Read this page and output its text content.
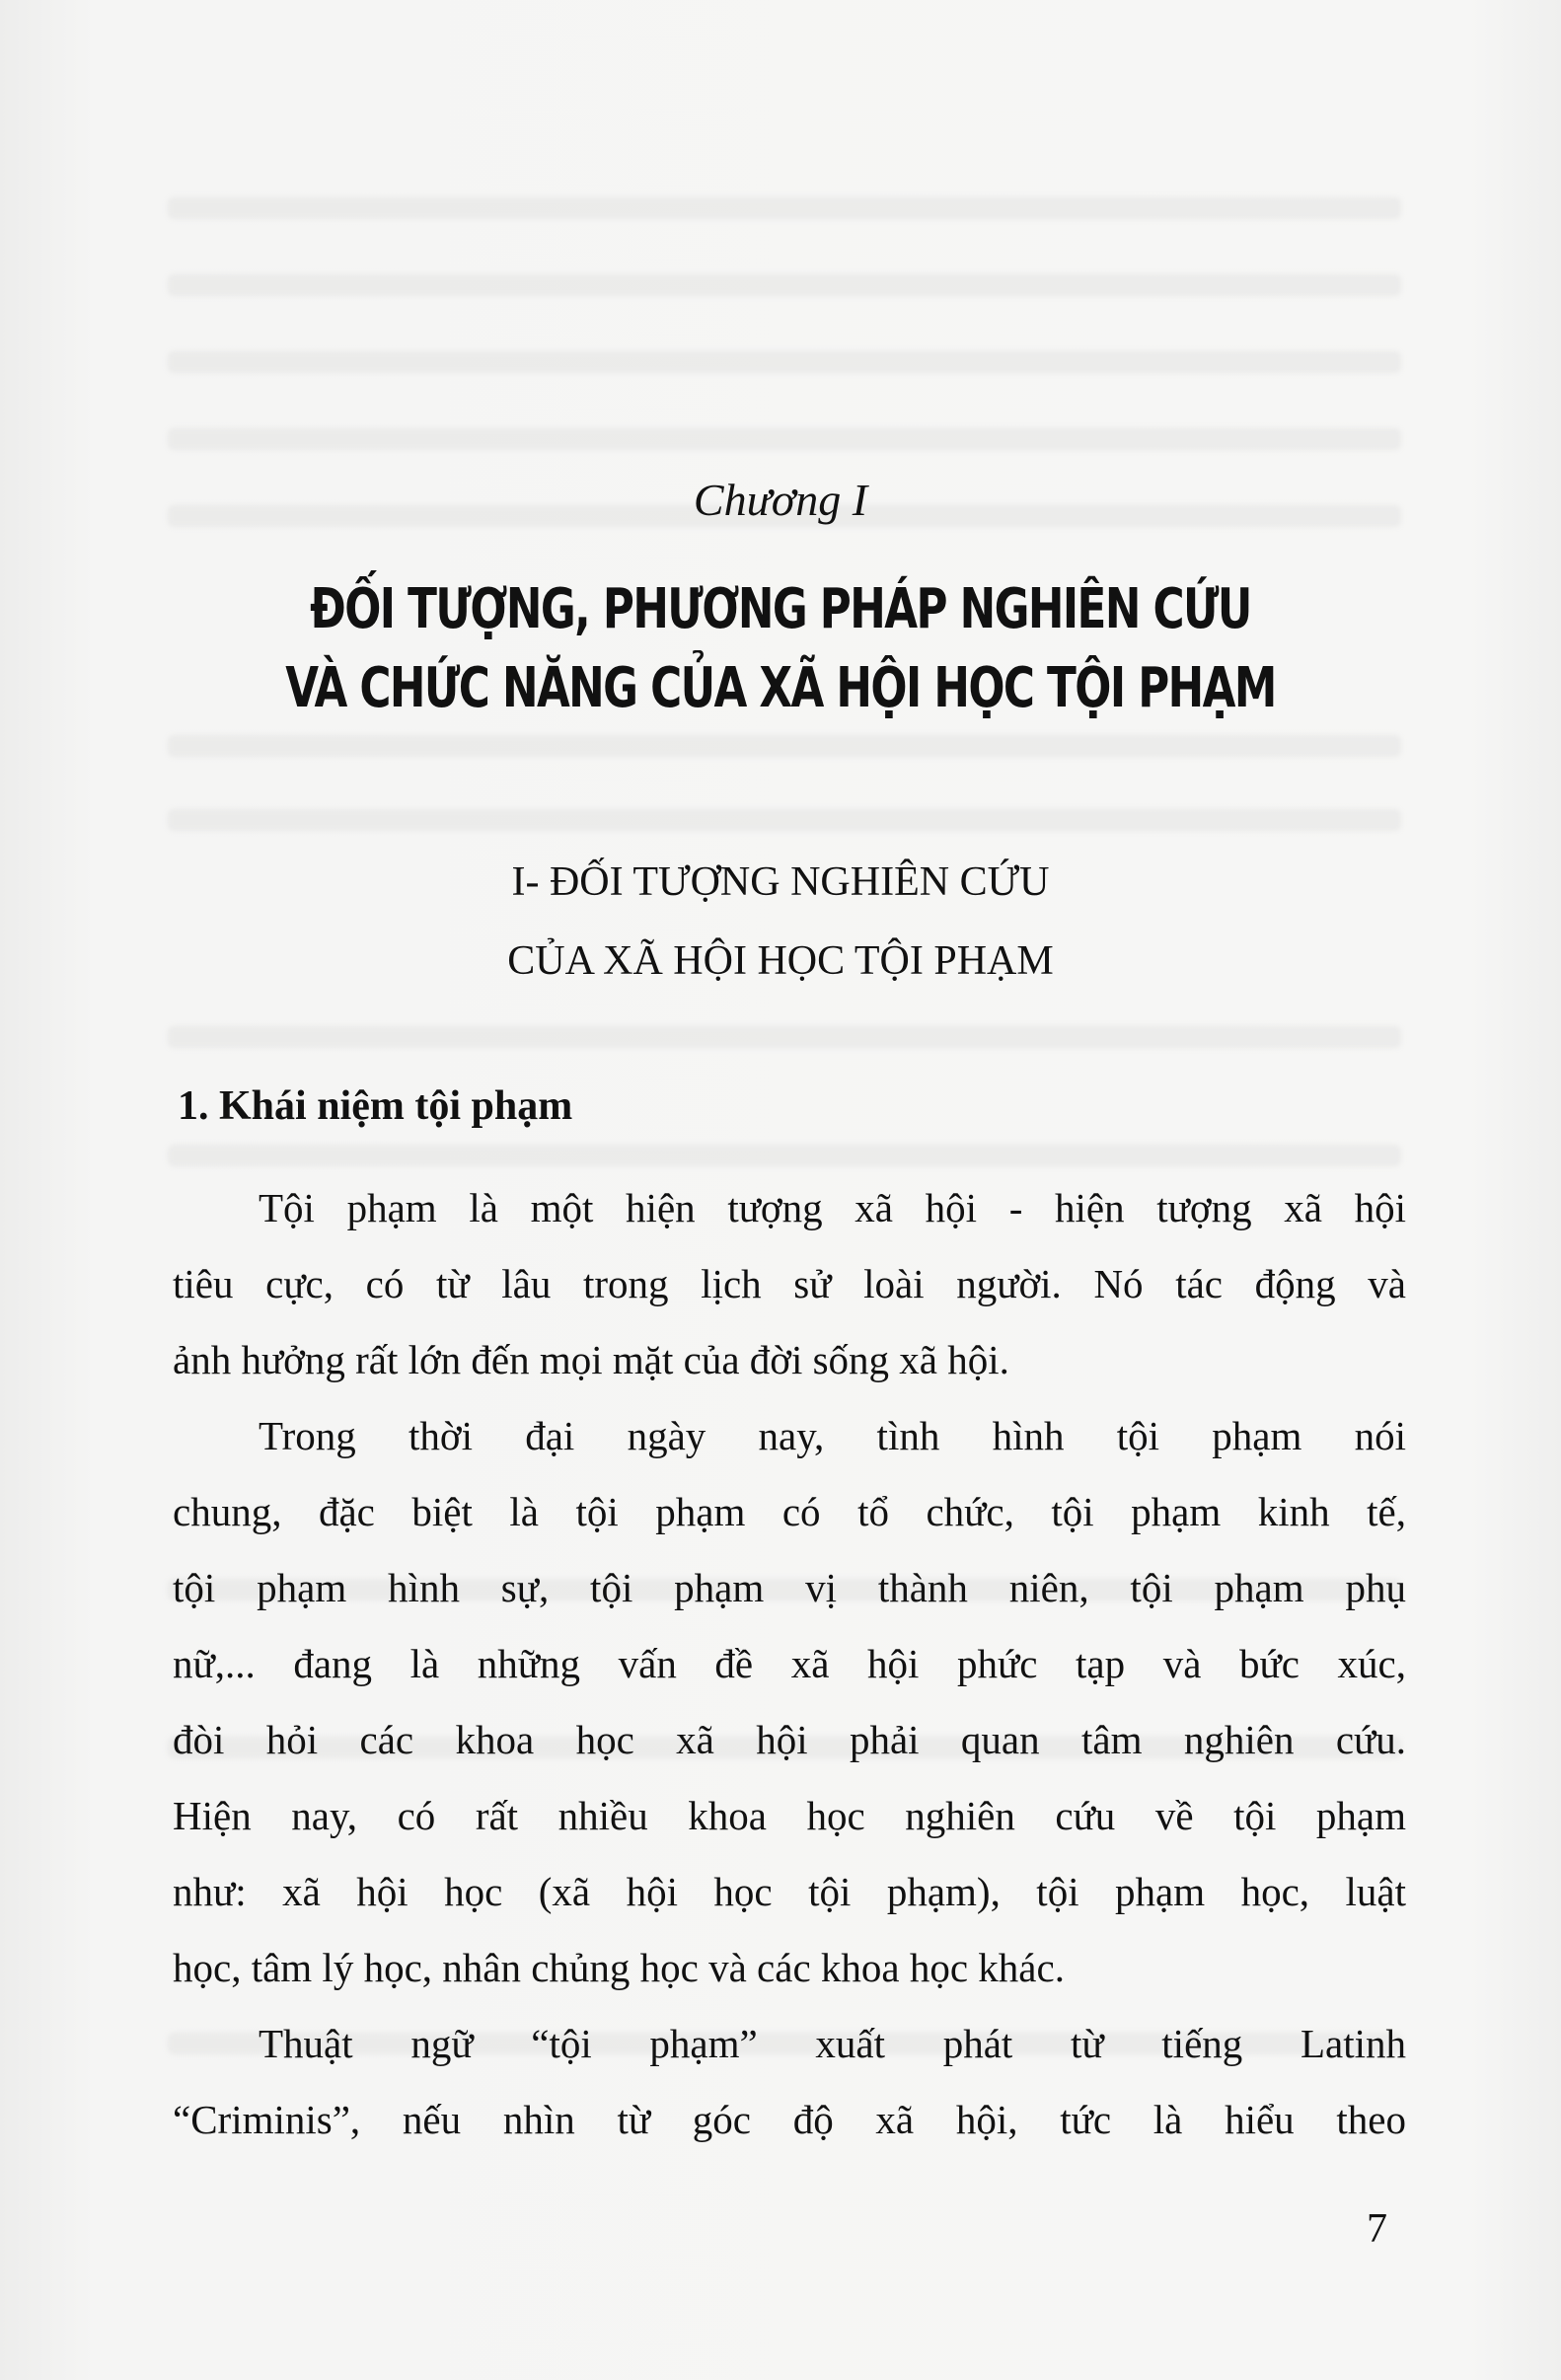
Chương I
ĐỐI TƯỢNG, PHƯƠNG PHÁP NGHIÊN CỨU
VÀ CHỨC NĂNG CỦA XÃ HỘI HỌC TỘI PHẠM
I- ĐỐI TƯỢNG NGHIÊN CỨU
CỦA XÃ HỘI HỌC TỘI PHẠM
1. Khái niệm tội phạm
Tội phạm là một hiện tượng xã hội - hiện tượng xã hội
tiêu cực, có từ lâu trong lịch sử loài người. Nó tác động và
ảnh hưởng rất lớn đến mọi mặt của đời sống xã hội.
Trong thời đại ngày nay, tình hình tội phạm nói
chung, đặc biệt là tội phạm có tổ chức, tội phạm kinh tế,
tội phạm hình sự, tội phạm vị thành niên, tội phạm phụ
nữ,... đang là những vấn đề xã hội phức tạp và bức xúc,
đòi hỏi các khoa học xã hội phải quan tâm nghiên cứu.
Hiện nay, có rất nhiều khoa học nghiên cứu về tội phạm
như: xã hội học (xã hội học tội phạm), tội phạm học, luật
học, tâm lý học, nhân chủng học và các khoa học khác.
Thuật ngữ “tội phạm” xuất phát từ tiếng Latinh
“Criminis”, nếu nhìn từ góc độ xã hội, tức là hiểu theo
7
